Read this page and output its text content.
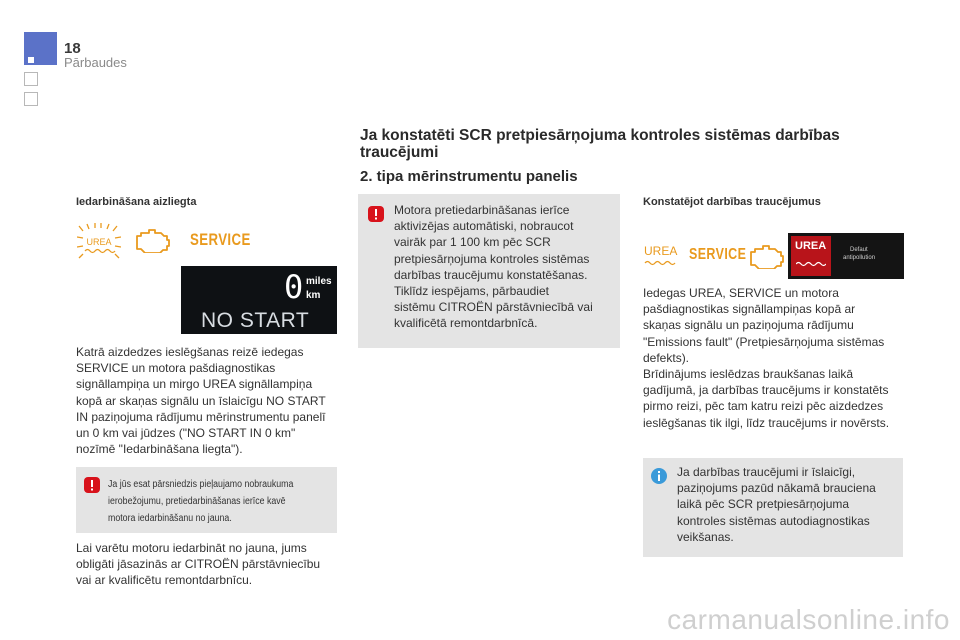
18
Pārbaudes
Ja konstatēti SCR pretpiesārņojuma kontroles sistēmas darbības traucējumi
2. tipa mērinstrumentu panelis
Iedarbināšana aizliegta
UREA	SERVICE
0 miles
km
NO START
Katrā aizdedzes ieslēgšanas reizē iedegas
SERVICE un motora pašdiagnostikas
signāllampiņa un mirgo UREA signāllampiņa
kopā ar skaņas signālu un īslaicīgu NO START
IN paziņojuma rādījumu mērinstrumentu panelī
un 0 km vai jūdzes ("NO START IN 0 km"
nozīmē "Iedarbināšana liegta").
Ja jūs esat pārsniedzis pieļaujamo nobraukuma
ierobežojumu, pretiedarbināšanas ierīce kavē
motora iedarbināšanu no jauna.
Lai varētu motoru iedarbināt no jauna, jums
obligāti jāsazinās ar CITROËN pārstāvniecību
vai ar kvalificētu remontdarbnīcu.
Motora pretiedarbināšanas ierīce
aktivizējas automātiski, nobraucot
vairāk par 1 100 km pēc SCR
pretpiesārņojuma kontroles sistēmas
darbības traucējumu konstatēšanas.
Tiklīdz iespējams, pārbaudiet
sistēmu CITROËN pārstāvniecībā vai
kvalificētā remontdarbnīcā.
Konstatējot darbības traucējumus
UREA SERVICE	UREA	Defaut
antipollution
Iedegas UREA, SERVICE un motora
pašdiagnostikas signāllampiņas kopā ar
skaņas signālu un paziņojuma rādījumu
"Emissions fault" (Pretpiesārņojuma sistēmas
defekts).
Brīdinājums ieslēdzas braukšanas laikā
gadījumā, ja darbības traucējums ir konstatēts
pirmo reizi, pēc tam katru reizi pēc aizdedzes
ieslēgšanas tik ilgi, līdz traucējums ir novērsts.
Ja darbības traucējumi ir īslaicīgi,
paziņojums pazūd nākamā brauciena
laikā pēc SCR pretpiesārņojuma
kontroles sistēmas autodiagnostikas
veikšanas.
carmanualsonline.info
